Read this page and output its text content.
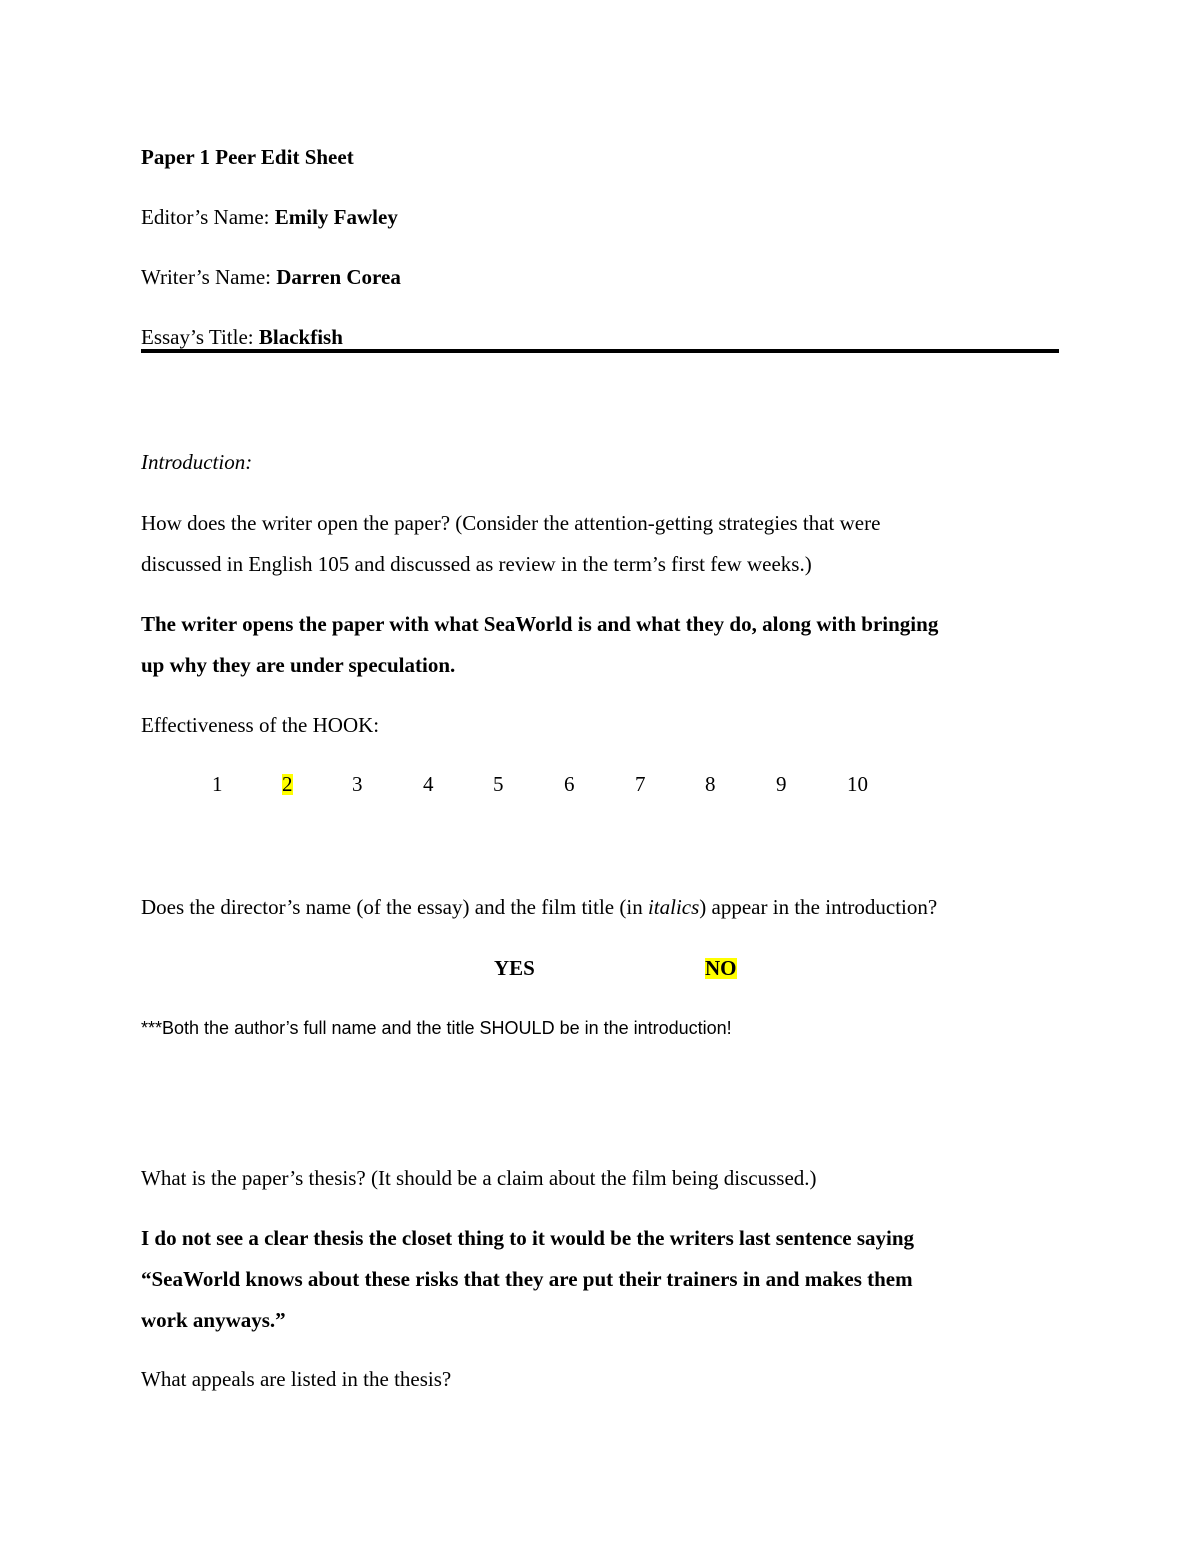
Paper 1 Peer Edit Sheet
Editor’s Name: Emily Fawley
Writer’s Name: Darren Corea
Essay’s Title: Blackfish
Introduction:
How does the writer open the paper? (Consider the attention-getting strategies that were
discussed in English 105 and discussed as review in the term’s first few weeks.)
The writer opens the paper with what SeaWorld is and what they do, along with bringing
up why they are under speculation.
Effectiveness of the HOOK:
1	2	3	4	5	6	7	8	9	10
Does the director’s name (of the essay) and the film title (in italics) appear in the introduction?
YES	NO
***Both the author’s full name and the title SHOULD be in the introduction!
What is the paper’s thesis? (It should be a claim about the film being discussed.)
I do not see a clear thesis the closet thing to it would be the writers last sentence saying
“SeaWorld knows about these risks that they are put their trainers in and makes them
work anyways.”
What appeals are listed in the thesis?
